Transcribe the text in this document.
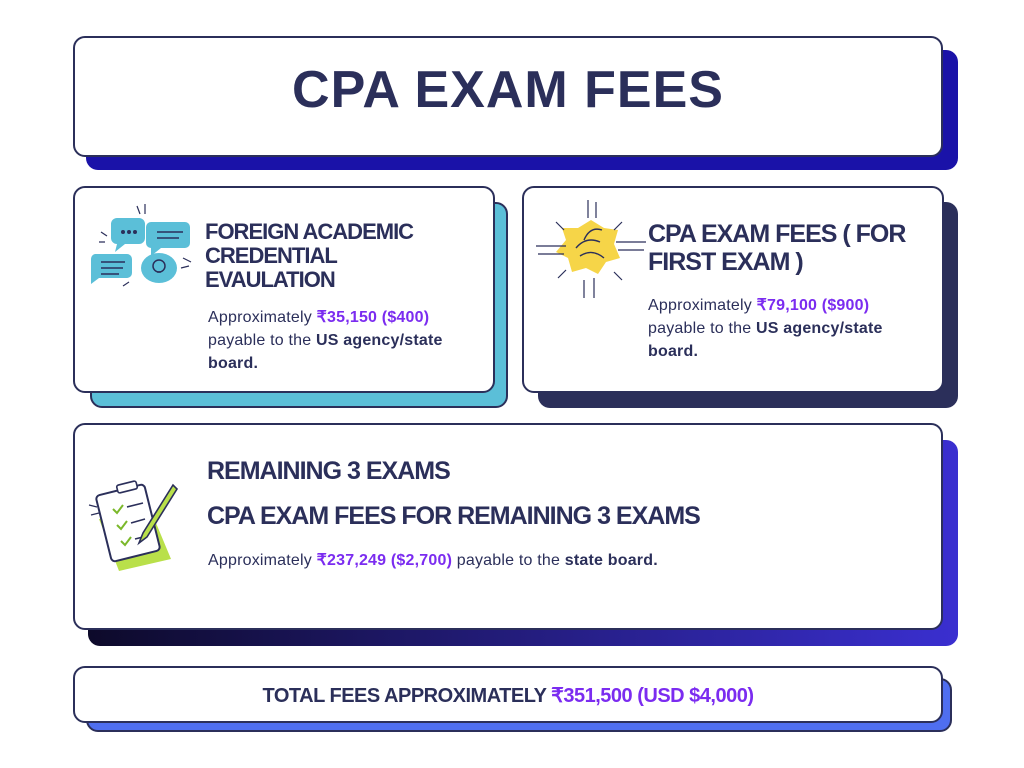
CPA EXAM FEES
FOREIGN ACADEMIC
CREDENTIAL
EVAULATION
Approximately ₹35,150 ($400) payable to the US agency/state board.
CPA EXAM FEES ( FOR
FIRST EXAM )
Approximately ₹79,100 ($900) payable to the US agency/state board.
REMAINING 3 EXAMS
CPA EXAM FEES FOR REMAINING 3 EXAMS
Approximately ₹237,249 ($2,700) payable to the state board.
TOTAL FEES APPROXIMATELY ₹351,500 (USD $4,000)
